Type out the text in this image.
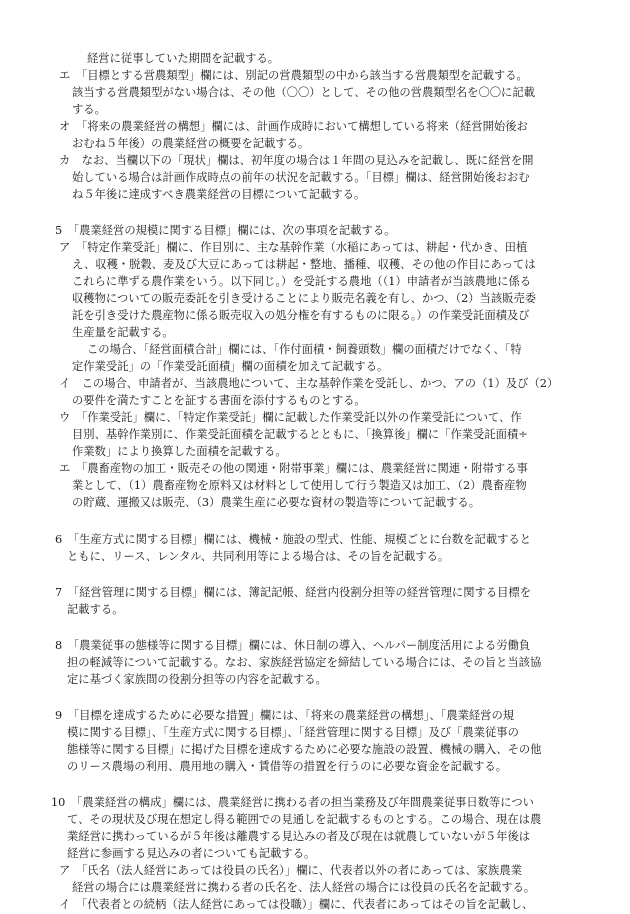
経営に従事していた期間を記載する。
エ　「目標とする営農類型」欄には、別記の営農類型の中から該当する営農類型を記載する。
該当する営農類型がない場合は、その他（〇〇）として、その他の営農類型名を〇〇に記載
する。
オ　「将来の農業経営の構想」欄には、計画作成時において構想している将来（経営開始後お
おむね５年後）の農業経営の概要を記載する。
カ　なお、当欄以下の「現状」欄は、初年度の場合は１年間の見込みを記載し、既に経営を開
始している場合は計画作成時点の前年の状況を記載する。「目標」欄は、経営開始後おおむ
ね５年後に達成すべき農業経営の目標について記載する。
5　「農業経営の規模に関する目標」欄には、次の事項を記載する。
ア　「特定作業受託」欄に、作目別に、主な基幹作業（水稲にあっては、耕起・代かき、田植
え、収穫・脱穀、麦及び大豆にあっては耕起・整地、播種、収穫、その他の作目にあっては
これらに準ずる農作業をいう。以下同じ。）を受託する農地（（1）申請者が当該農地に係る
収穫物についての販売委託を引き受けることにより販売名義を有し、かつ、（2）当該販売委
託を引き受けた農産物に係る販売収入の処分権を有するものに限る。）の作業受託面積及び
生産量を記載する。
この場合、「経営面積合計」欄には、「作付面積・飼養頭数」欄の面積だけでなく、「特
定作業受託」の「作業受託面積」欄の面積を加えて記載する。
イ　この場合、申請者が、当該農地について、主な基幹作業を受託し、かつ、アの（1）及び（2）
の要件を満たすことを証する書面を添付するものとする。
ウ　「作業受託」欄に、「特定作業受託」欄に記載した作業受託以外の作業受託について、作
目別、基幹作業別に、作業受託面積を記載するとともに、「換算後」欄に「作業受託面積÷
作業数」により換算した面積を記載する。
エ　「農畜産物の加工・販売その他の関連・附帯事業」欄には、農業経営に関連・附帯する事
業として、（1）農畜産物を原料又は材料として使用して行う製造又は加工、（2）農畜産物
の貯蔵、運搬又は販売、（3）農業生産に必要な資材の製造等について記載する。
6　「生産方式に関する目標」欄には、機械・施設の型式、性能、規模ごとに台数を記載すると
ともに、リース、レンタル、共同利用等による場合は、その旨を記載する。
7　「経営管理に関する目標」欄には、簿記記帳、経営内役割分担等の経営管理に関する目標を
記載する。
8　「農業従事の態様等に関する目標」欄には、休日制の導入、ヘルパー制度活用による労働負
担の軽減等について記載する。なお、家族経営協定を締結している場合には、その旨と当該協
定に基づく家族間の役割分担等の内容を記載する。
9　「目標を達成するために必要な措置」欄には、「将来の農業経営の構想」、「農業経営の規
模に関する目標」、「生産方式に関する目標」、「経営管理に関する目標」及び「農業従事の
態様等に関する目標」に掲げた目標を達成するために必要な施設の設置、機械の購入、その他
のリース農場の利用、農用地の購入・賃借等の措置を行うのに必要な資金を記載する。
10　「農業経営の構成」欄には、農業経営に携わる者の担当業務及び年間農業従事日数等につい
て、その現状及び現在想定し得る範囲での見通しを記載するものとする。この場合、現在は農
業経営に携わっているが５年後は離農する見込みの者及び現在は就農していないが５年後は
経営に参画する見込みの者についても記載する。
ア　「氏名（法人経営にあっては役員の氏名）」欄に、代表者以外の者にあっては、家族農業
経営の場合には農業経営に携わる者の氏名を、法人経営の場合には役員の氏名を記載する。
イ　「代表者との続柄（法人経営にあっては役職）」欄に、代表者にあってはその旨を記載し、
